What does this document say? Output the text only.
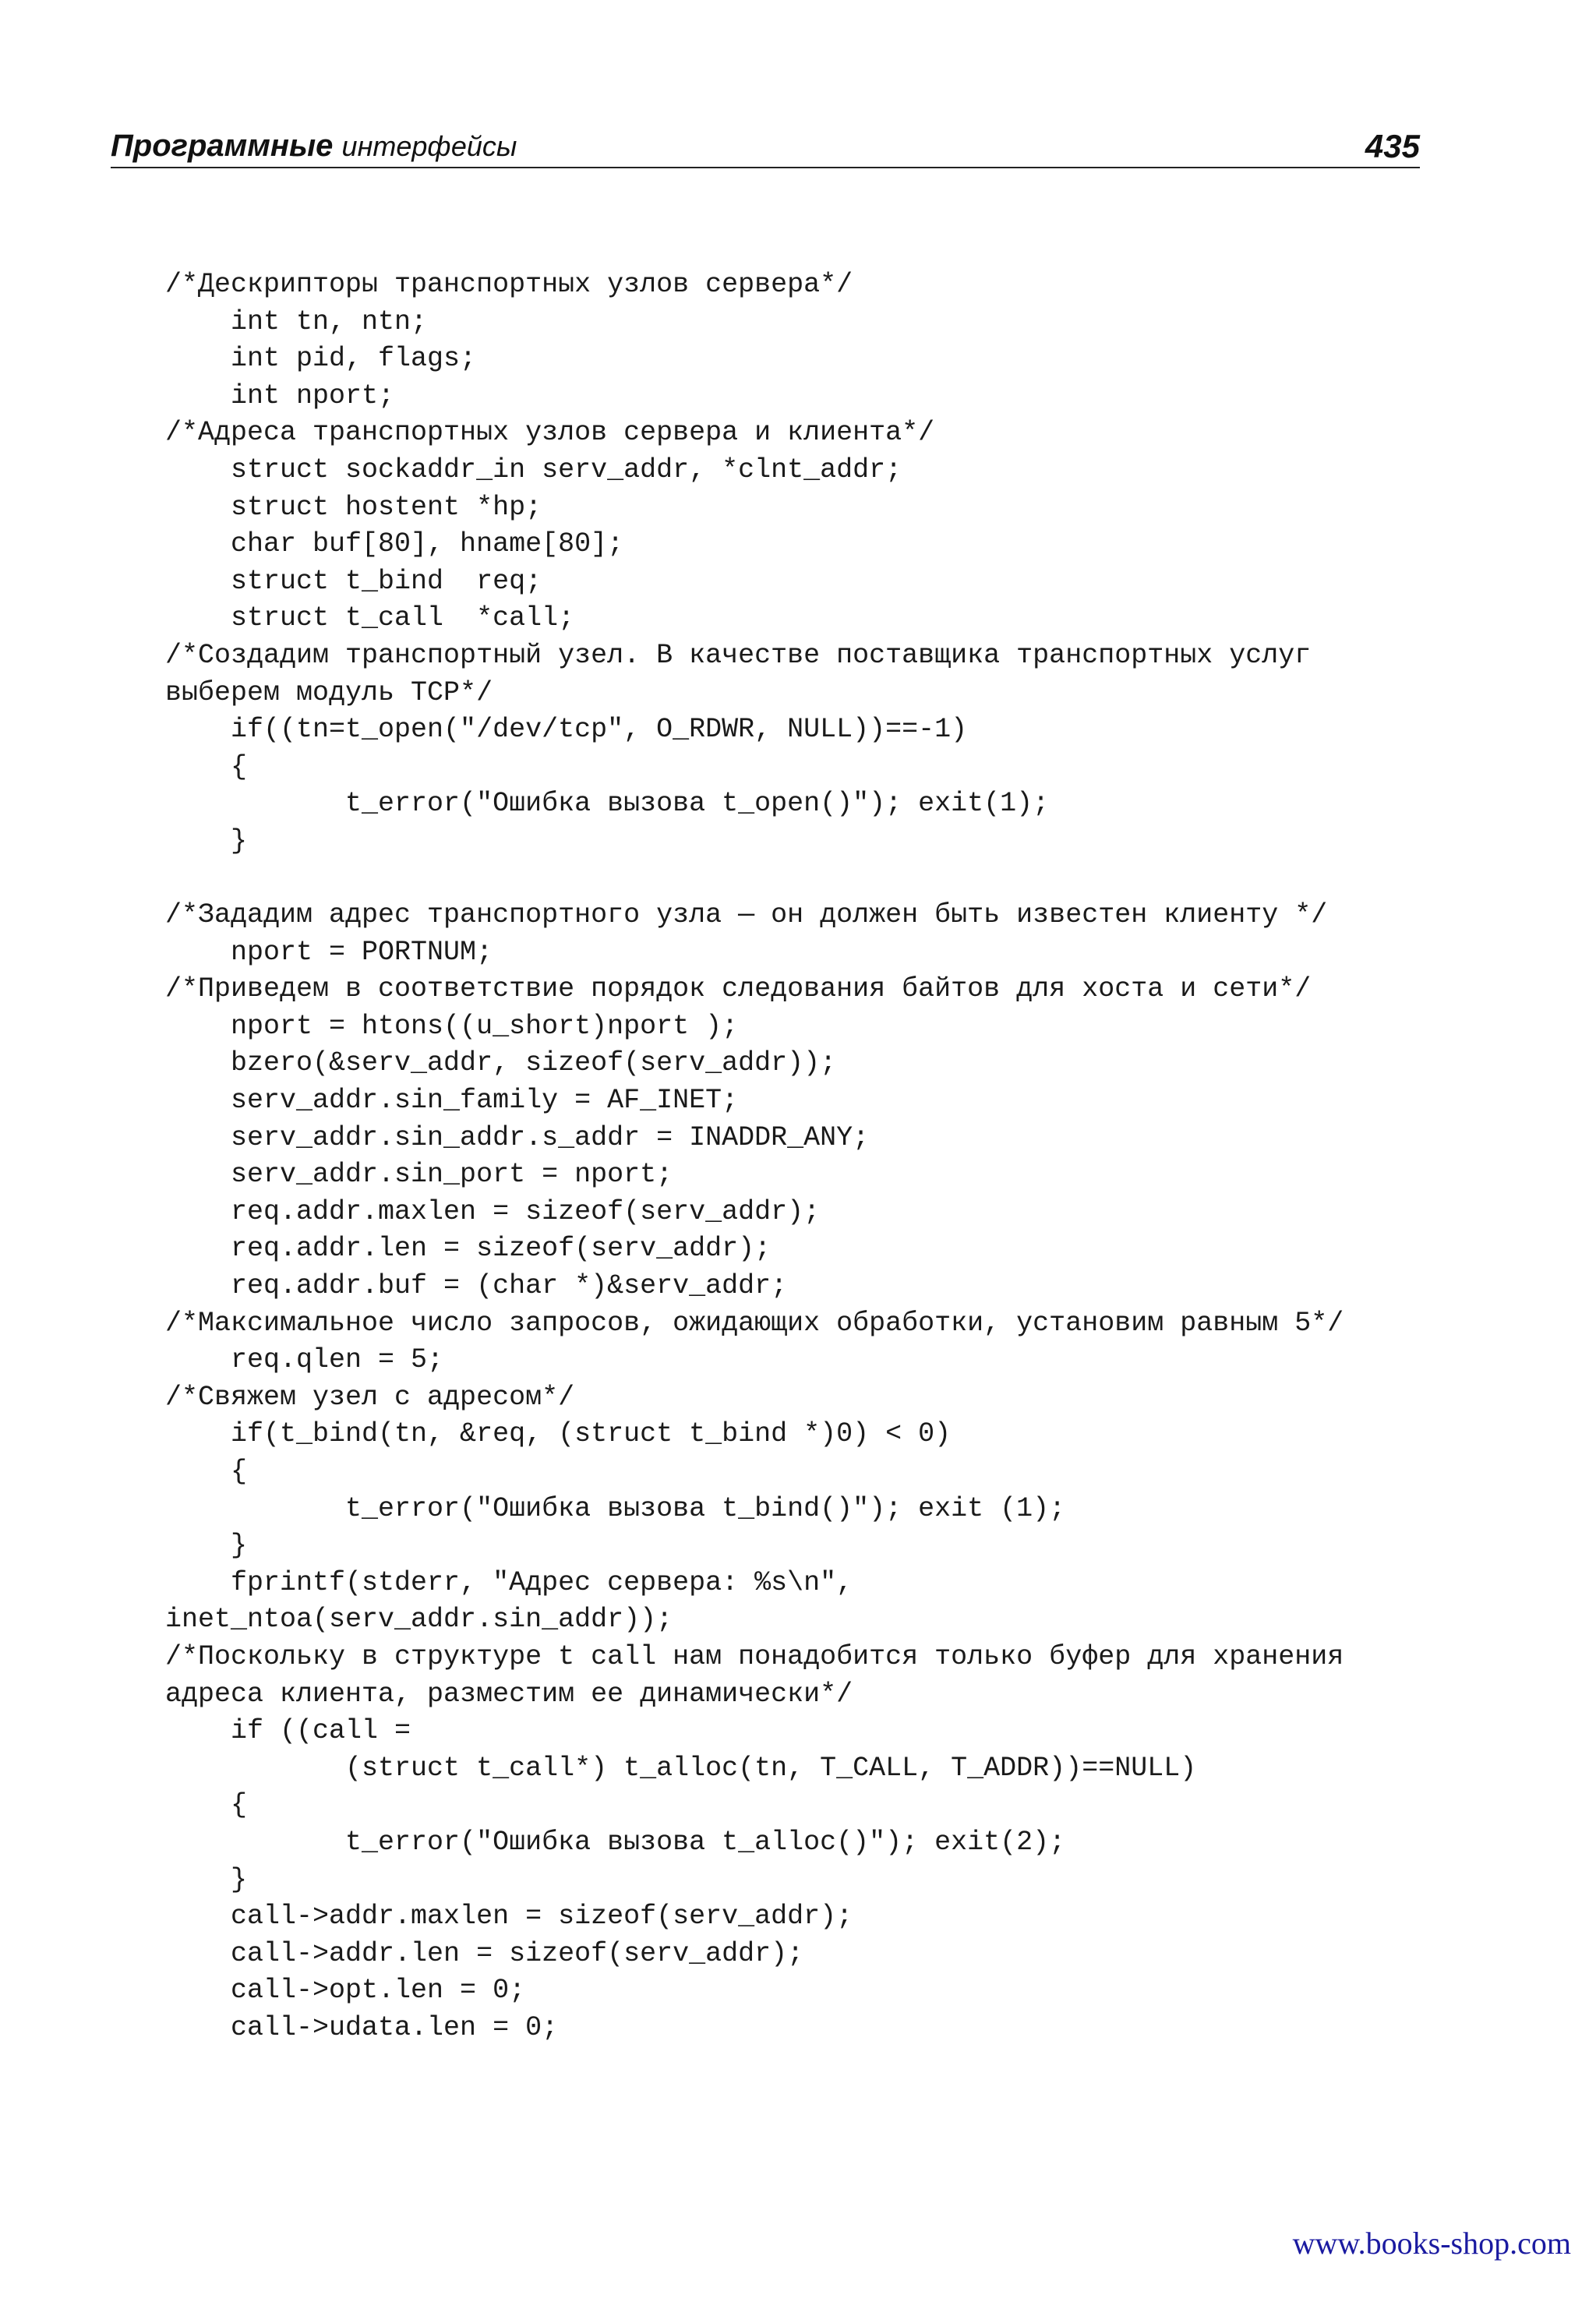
Программные интерфейсы	435
/*Дескрипторы транспортных узлов сервера*/
int tn, ntn;
int pid, flags;
int nport;
/*Адреса транспортных узлов сервера и клиента*/
struct sockaddr_in serv_addr, *clnt_addr;
struct hostent *hp;
char buf[80], hname[80];
struct t_bind  req;
struct t_call  *call;
/*Создадим транспортный узел. В качестве поставщика транспортных услуг
выберем модуль TCP*/
if((tn=t_open("/dev/tcp", O_RDWR, NULL))==-1)
{
t_error("Ошибка вызова t_open()"); exit(1);
}
/*Зададим адрес транспортного узла — он должен быть известен клиенту */
nport = PORTNUM;
/*Приведем в соответствие порядок следования байтов для хоста и сети*/
nport = htons((u_short)nport );
bzero(&serv_addr, sizeof(serv_addr));
serv_addr.sin_family = AF_INET;
serv_addr.sin_addr.s_addr = INADDR_ANY;
serv_addr.sin_port = nport;
req.addr.maxlen = sizeof(serv_addr);
req.addr.len = sizeof(serv_addr);
req.addr.buf = (char *)&serv_addr;
/*Максимальное число запросов, ожидающих обработки, установим равным 5*/
req.qlen = 5;
/*Свяжем узел с адресом*/
if(t_bind(tn, &req, (struct t_bind *)0) < 0)
{
t_error("Ошибка вызова t_bind()"); exit (1);
}
fprintf(stderr, "Адрес сервера: %s\n",
inet_ntoa(serv_addr.sin_addr));
/*Поскольку в структуре t call нам понадобится только буфер для хранения
адреса клиента, разместим ее динамически*/
if ((call =
(struct t_call*) t_alloc(tn, T_CALL, T_ADDR))==NULL)
{
t_error("Ошибка вызова t_alloc()"); exit(2);
}
call->addr.maxlen = sizeof(serv_addr);
call->addr.len = sizeof(serv_addr);
call->opt.len = 0;
call->udata.len = 0;
www.books-shop.com
